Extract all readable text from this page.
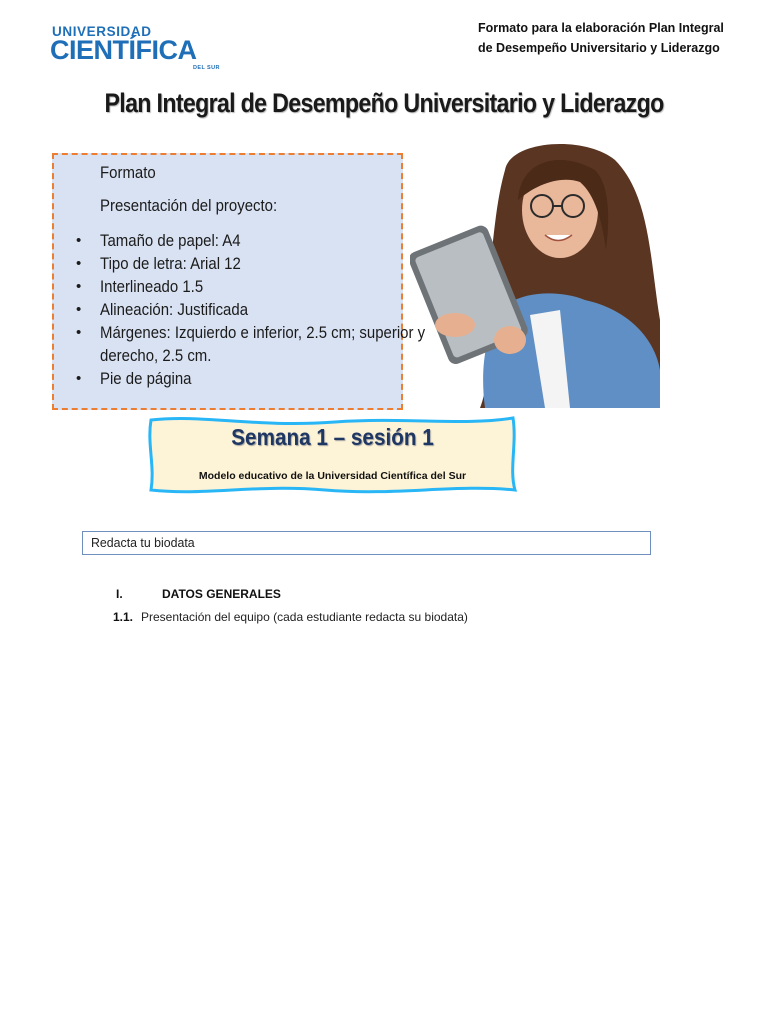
UNIVERSIDAD
CIENTÍFICA
DEL SUR
Formato para la elaboración Plan Integral
de Desempeño Universitario y Liderazgo
Plan Integral de Desempeño Universitario y Liderazgo
Formato
Presentación del proyecto:
• Tamaño de papel: A4
• Tipo de letra: Arial 12
• Interlineado 1.5
• Alineación: Justificada
• Márgenes: Izquierdo e inferior, 2.5 cm; superior y
derecho, 2.5 cm.
• Pie de página
Semana 1 – sesión 1
Modelo educativo de la Universidad Científica del Sur
Redacta tu biodata
I.	DATOS GENERALES
1.1. Presentación del equipo (cada estudiante redacta su biodata)
